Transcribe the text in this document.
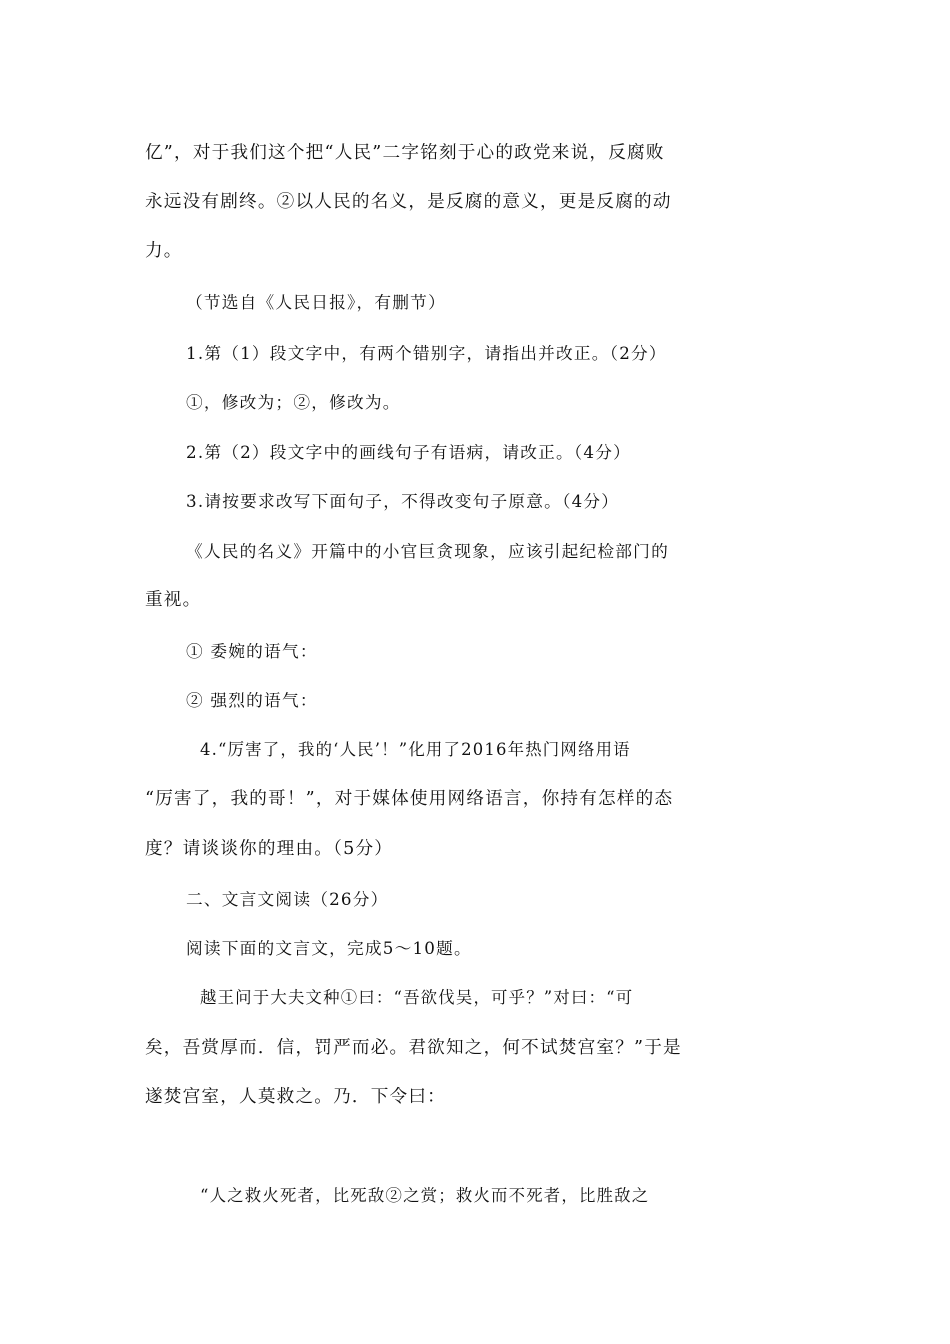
亿”，对于我们这个把“人民”二字铭刻于心的政党来说，反腐败
永远没有剧终。②以人民的名义，是反腐的意义，更是反腐的动
力。
（节选自《人民日报》，有删节）
1.第（1）段文字中，有两个错别字，请指出并改正。（2分）
①，修改为；②，修改为。
2.第（2）段文字中的画线句子有语病，请改正。（4分）
3.请按要求改写下面句子，不得改变句子原意。（4分）
《人民的名义》开篇中的小官巨贪现象，应该引起纪检部门的
重视。
① 委婉的语气：
② 强烈的语气：
4.“厉害了，我的‘人民’！”化用了2016年热门网络用语
“厉害了，我的哥！”，对于媒体使用网络语言，你持有怎样的态
度？请谈谈你的理由。（5分）
二、文言文阅读（26分）
阅读下面的文言文，完成5～10题。
越王问于大夫文种①曰：“吾欲伐吴，可乎？”对曰：“可
矣，吾赏厚而．信，罚严而必。君欲知之，何不试焚宫室？”于是
遂焚宫室，人莫救之。乃．下令曰：
“人之救火死者，比死敌②之赏；救火而不死者，比胜敌之
